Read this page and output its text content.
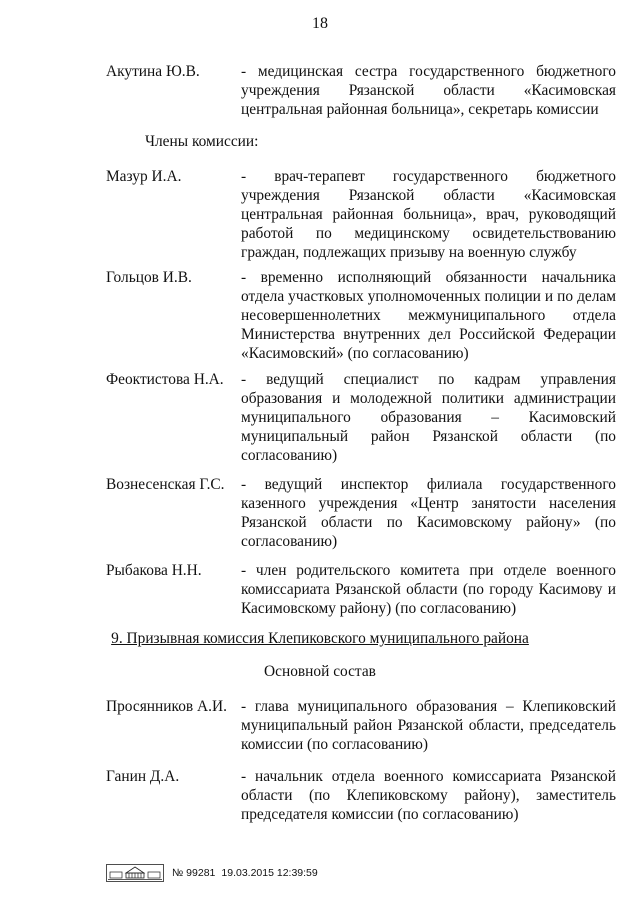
18
Акутина Ю.В.	- медицинская сестра государственного бюджетного учреждения Рязанской области «Касимовская центральная районная больница», секретарь комиссии
Члены комиссии:
Мазур И.А.	- врач-терапевт государственного бюджетного учреждения Рязанской области «Касимовская центральная районная больница», врач, руководящий работой по медицинскому освидетельствованию граждан, подлежащих призыву на военную службу
Гольцов И.В.	- временно исполняющий обязанности начальника отдела участковых уполномоченных полиции и по делам несовершеннолетних межмуниципального отдела Министерства внутренних дел Российской Федерации «Касимовский» (по согласованию)
Феоктистова Н.А. - ведущий специалист по кадрам управления образования и молодежной политики администрации муниципального образования – Касимовский муниципальный район Рязанской области (по согласованию)
Вознесенская Г.С. - ведущий инспектор филиала государственного казенного учреждения «Центр занятости населения Рязанской области по Касимовскому району» (по согласованию)
Рыбакова Н.Н.	- член родительского комитета при отделе военного комиссариата Рязанской области (по городу Касимову и Касимовскому району) (по согласованию)
9. Призывная комиссия Клепиковского муниципального района
Основной состав
Просянников А.И. - глава муниципального образования – Клепиковский муниципальный район Рязанской области, председатель комиссии (по согласованию)
Ганин Д.А.	- начальник отдела военного комиссариата Рязанской области (по Клепиковскому району), заместитель председателя комиссии (по согласованию)
№ 99281 19.03.2015 12:39:59
